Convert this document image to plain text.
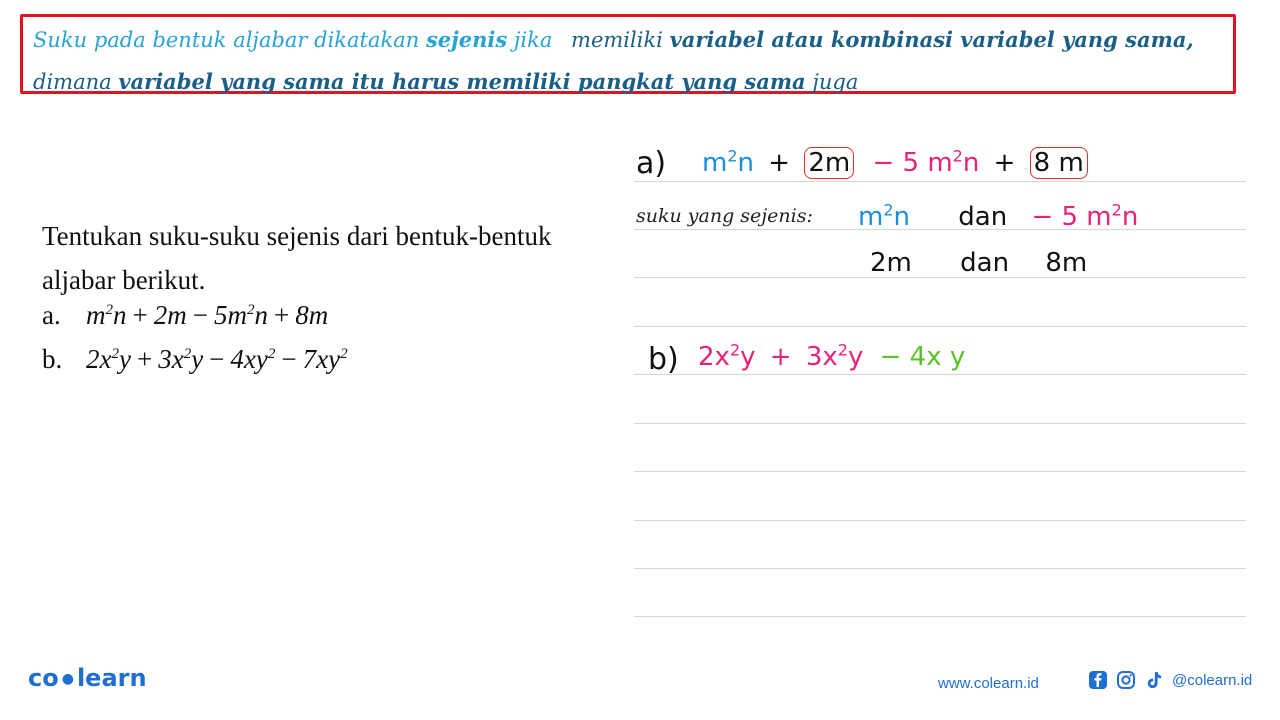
Suku pada bentuk aljabar dikatakan sejenis jika memiliki variabel atau kombinasi variabel yang sama,
dimana variabel yang sama itu harus memiliki pangkat yang sama juga
Tentukan suku-suku sejenis dari bentuk-bentuk
aljabar berikut.
a. $m^2n + 2m - 5m^2n + 8m$
b. $2x^2y + 3x^2y - 4xy^2 - 7xy^2$
a) $m^2n + 2m - 5$ $m^2n + 8$ m
suku yang sejenis: $m^2n$ dan − 5 $m^2n$
2m dan 8m
b) $2x^2y + 3x^2y - 4x$ y
co ● learn	www.colearn.id	@colearn.id
